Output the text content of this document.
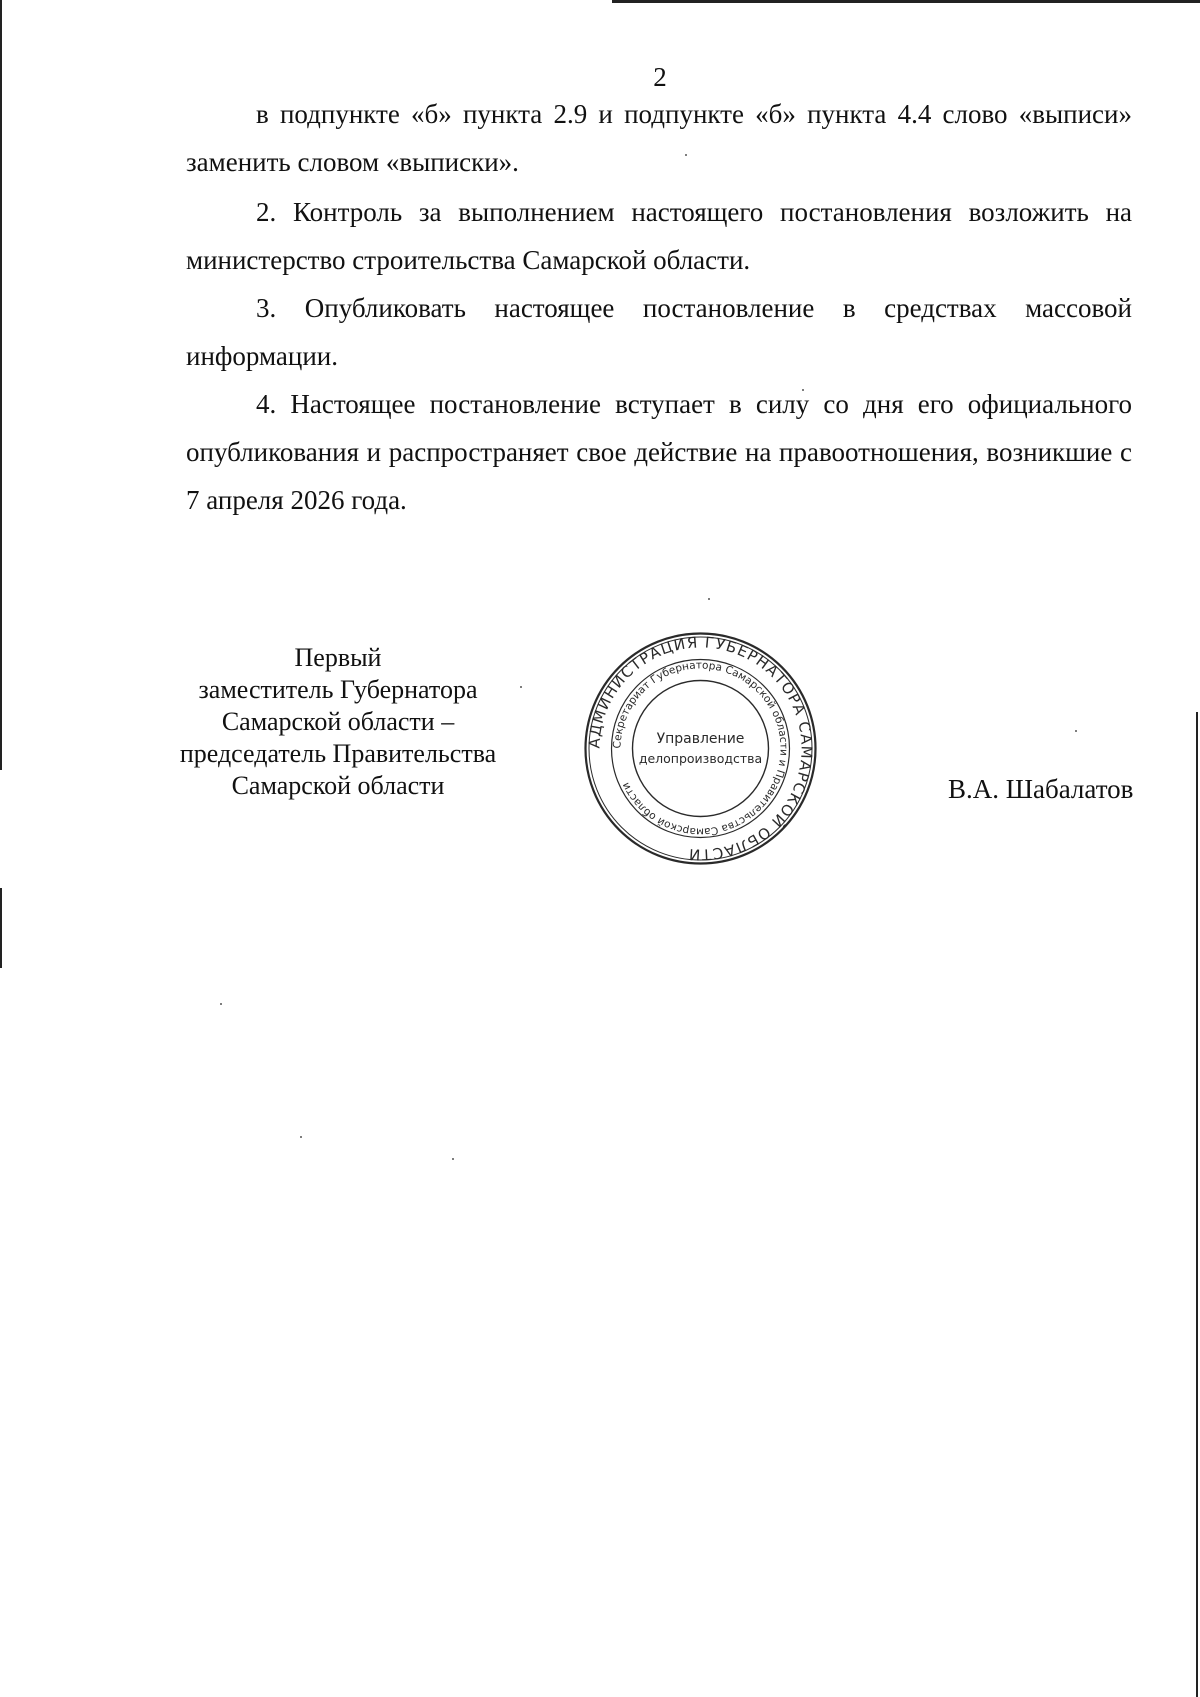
2

в подпункте «б» пункта 2.9 и подпункте «б» пункта 4.4 слово «выписи» заменить словом «выписки».

2. Контроль за выполнением настоящего постановления возложить на министерство строительства Самарской области.

3. Опубликовать настоящее постановление в средствах массовой информации.

4. Настоящее постановление вступает в силу со дня его официального опубликования и распространяет свое действие на правоотношения, возникшие с 7 апреля 2026 года.

Первый
заместитель Губернатора
Самарской области –
председатель Правительства
Самарской области
АДМИНИСТРАЦИЯ ГУБЕРНАТОРА САМАРСКОЙ ОБЛАСТИ
Секретариат Губернатора Самарской области и Правительства Самарской области
Управление
делопроизводства
В.А. Шабалатов
